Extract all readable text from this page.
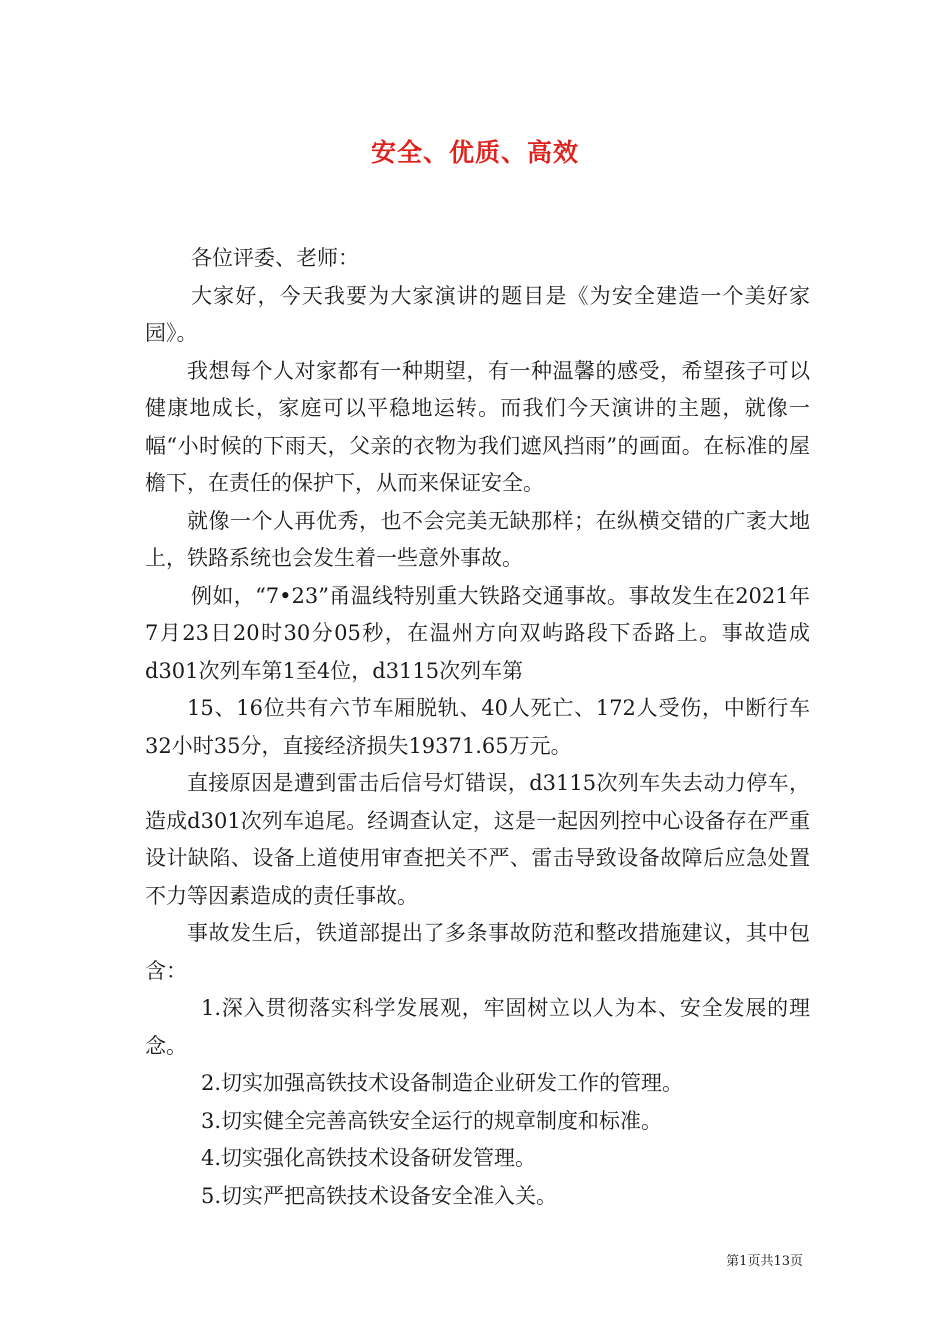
安全、优质、高效

各位评委、老师：

大家好，今天我要为大家演讲的题目是《为安全建造一个美好家园》。

我想每个人对家都有一种期望，有一种温馨的感受，希望孩子可以健康地成长，家庭可以平稳地运转。而我们今天演讲的主题，就像一幅“小时候的下雨天，父亲的衣物为我们遮风挡雨”的画面。在标准的屋檐下，在责任的保护下，从而来保证安全。

就像一个人再优秀，也不会完美无缺那样；在纵横交错的广袤大地上，铁路系统也会发生着一些意外事故。

例如，“7•23”甬温线特别重大铁路交通事故。事故发生在2021年7月23日20时30分05秒，在温州方向双屿路段下岙路上。事故造成d301次列车第1至4位，d3115次列车第

15、16位共有六节车厢脱轨、40人死亡、172人受伤，中断行车32小时35分，直接经济损失19371.65万元。

直接原因是遭到雷击后信号灯错误，d3115次列车失去动力停车，造成d301次列车追尾。经调查认定，这是一起因列控中心设备存在严重设计缺陷、设备上道使用审查把关不严、雷击导致设备故障后应急处置不力等因素造成的责任事故。

事故发生后，铁道部提出了多条事故防范和整改措施建议，其中包含：

1.深入贯彻落实科学发展观，牢固树立以人为本、安全发展的理念。

2.切实加强高铁技术设备制造企业研发工作的管理。

3.切实健全完善高铁安全运行的规章制度和标准。

4.切实强化高铁技术设备研发管理。

5.切实严把高铁技术设备安全准入关。

第1页共13页
